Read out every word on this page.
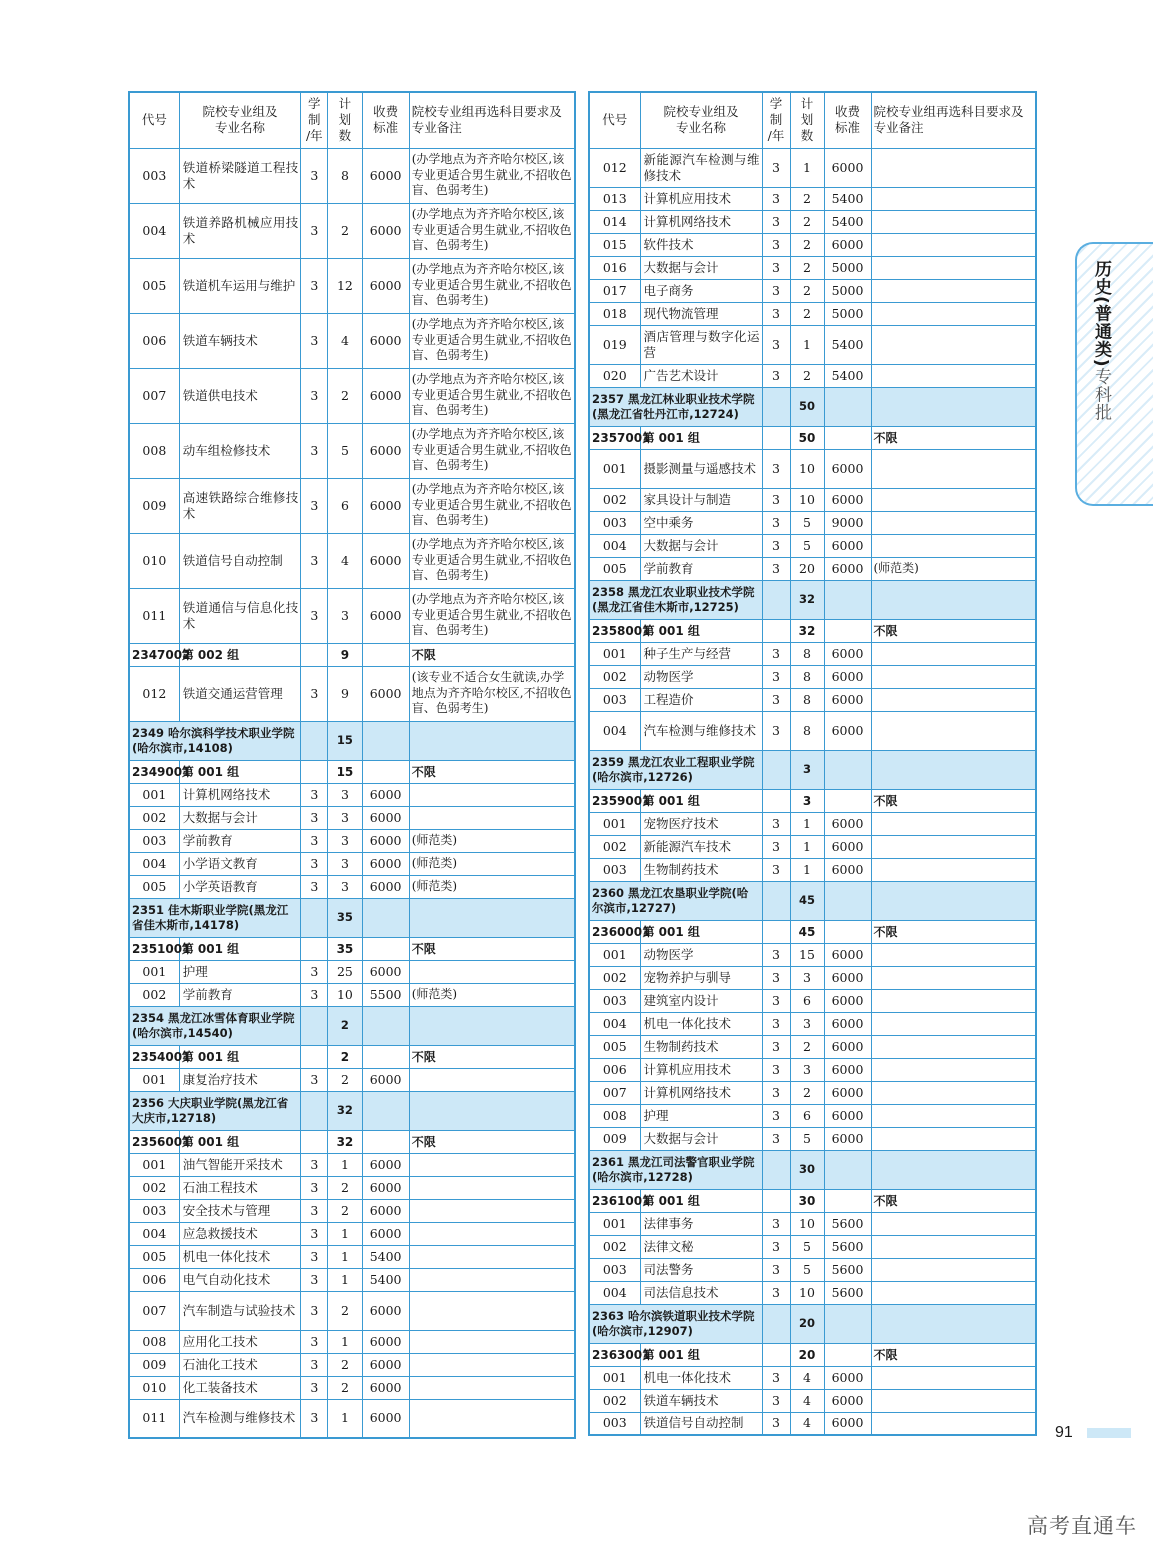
代号	院校专业组及
专业名称	学
制
/年	计
划
数	收费
标准	院校专业组再选科目要求及
专业备注
003	铁道桥梁隧道工程技术	3	8	6000	(办学地点为齐齐哈尔校区,该专业更适合男生就业,不招收色盲、色弱考生)
004	铁道养路机械应用技术	3	2	6000	(办学地点为齐齐哈尔校区,该专业更适合男生就业,不招收色盲、色弱考生)
005	铁道机车运用与维护	3	12	6000	(办学地点为齐齐哈尔校区,该专业更适合男生就业,不招收色盲、色弱考生)
006	铁道车辆技术	3	4	6000	(办学地点为齐齐哈尔校区,该专业更适合男生就业,不招收色盲、色弱考生)
007	铁道供电技术	3	2	6000	(办学地点为齐齐哈尔校区,该专业更适合男生就业,不招收色盲、色弱考生)
008	动车组检修技术	3	5	6000	(办学地点为齐齐哈尔校区,该专业更适合男生就业,不招收色盲、色弱考生)
009	高速铁路综合维修技术	3	6	6000	(办学地点为齐齐哈尔校区,该专业更适合男生就业,不招收色盲、色弱考生)
010	铁道信号自动控制	3	4	6000	(办学地点为齐齐哈尔校区,该专业更适合男生就业,不招收色盲、色弱考生)
011	铁道通信与信息化技术	3	3	6000	(办学地点为齐齐哈尔校区,该专业更适合男生就业,不招收色盲、色弱考生)
2347002	第 002 组		9		不限
012	铁道交通运营管理	3	9	6000	(该专业不适合女生就读,办学地点为齐齐哈尔校区,不招收色盲、色弱考生)
2349 哈尔滨科学技术职业学院(哈尔滨市,14108)			15		
2349001	第 001 组		15		不限
001	计算机网络技术	3	3	6000	
002	大数据与会计	3	3	6000	
003	学前教育	3	3	6000	(师范类)
004	小学语文教育	3	3	6000	(师范类)
005	小学英语教育	3	3	6000	(师范类)
2351 佳木斯职业学院(黑龙江省佳木斯市,14178)			35		
2351001	第 001 组		35		不限
001	护理	3	25	6000	
002	学前教育	3	10	5500	(师范类)
2354 黑龙江冰雪体育职业学院(哈尔滨市,14540)			2		
2354001	第 001 组		2		不限
001	康复治疗技术	3	2	6000	
2356 大庆职业学院(黑龙江省大庆市,12718)			32		
2356001	第 001 组		32		不限
001	油气智能开采技术	3	1	6000	
002	石油工程技术	3	2	6000	
003	安全技术与管理	3	2	6000	
004	应急救援技术	3	1	6000	
005	机电一体化技术	3	1	5400	
006	电气自动化技术	3	1	5400	
007	汽车制造与试验技术	3	2	6000	
008	应用化工技术	3	1	6000	
009	石油化工技术	3	2	6000	
010	化工装备技术	3	2	6000	
011	汽车检测与维修技术	3	1	6000	
代号	院校专业组及
专业名称	学
制
/年	计
划
数	收费
标准	院校专业组再选科目要求及
专业备注
012	新能源汽车检测与维修技术	3	1	6000	
013	计算机应用技术	3	2	5400	
014	计算机网络技术	3	2	5400	
015	软件技术	3	2	6000	
016	大数据与会计	3	2	5000	
017	电子商务	3	2	5000	
018	现代物流管理	3	2	5000	
019	酒店管理与数字化运营	3	1	5400	
020	广告艺术设计	3	2	5400	
2357 黑龙江林业职业技术学院(黑龙江省牡丹江市,12724)			50		
2357001	第 001 组		50		不限
001	摄影测量与遥感技术	3	10	6000	
002	家具设计与制造	3	10	6000	
003	空中乘务	3	5	9000	
004	大数据与会计	3	5	6000	
005	学前教育	3	20	6000	(师范类)
2358 黑龙江农业职业技术学院(黑龙江省佳木斯市,12725)			32		
2358001	第 001 组		32		不限
001	种子生产与经营	3	8	6000	
002	动物医学	3	8	6000	
003	工程造价	3	8	6000	
004	汽车检测与维修技术	3	8	6000	
2359 黑龙江农业工程职业学院(哈尔滨市,12726)			3		
2359001	第 001 组		3		不限
001	宠物医疗技术	3	1	6000	
002	新能源汽车技术	3	1	6000	
003	生物制药技术	3	1	6000	
2360 黑龙江农垦职业学院(哈尔滨市,12727)			45		
2360001	第 001 组		45		不限
001	动物医学	3	15	6000	
002	宠物养护与驯导	3	3	6000	
003	建筑室内设计	3	6	6000	
004	机电一体化技术	3	3	6000	
005	生物制药技术	3	2	6000	
006	计算机应用技术	3	3	6000	
007	计算机网络技术	3	2	6000	
008	护理	3	6	6000	
009	大数据与会计	3	5	6000	
2361 黑龙江司法警官职业学院(哈尔滨市,12728)			30		
2361001	第 001 组		30		不限
001	法律事务	3	10	5600	
002	法律文秘	3	5	5600	
003	司法警务	3	5	5600	
004	司法信息技术	3	10	5600	
2363 哈尔滨铁道职业技术学院(哈尔滨市,12907)			20		
2363001	第 001 组		20		不限
001	机电一体化技术	3	4	6000	
002	铁道车辆技术	3	4	6000	
003	铁道信号自动控制	3	4	6000	
历史(普通类)专科批
91
高考直通车
